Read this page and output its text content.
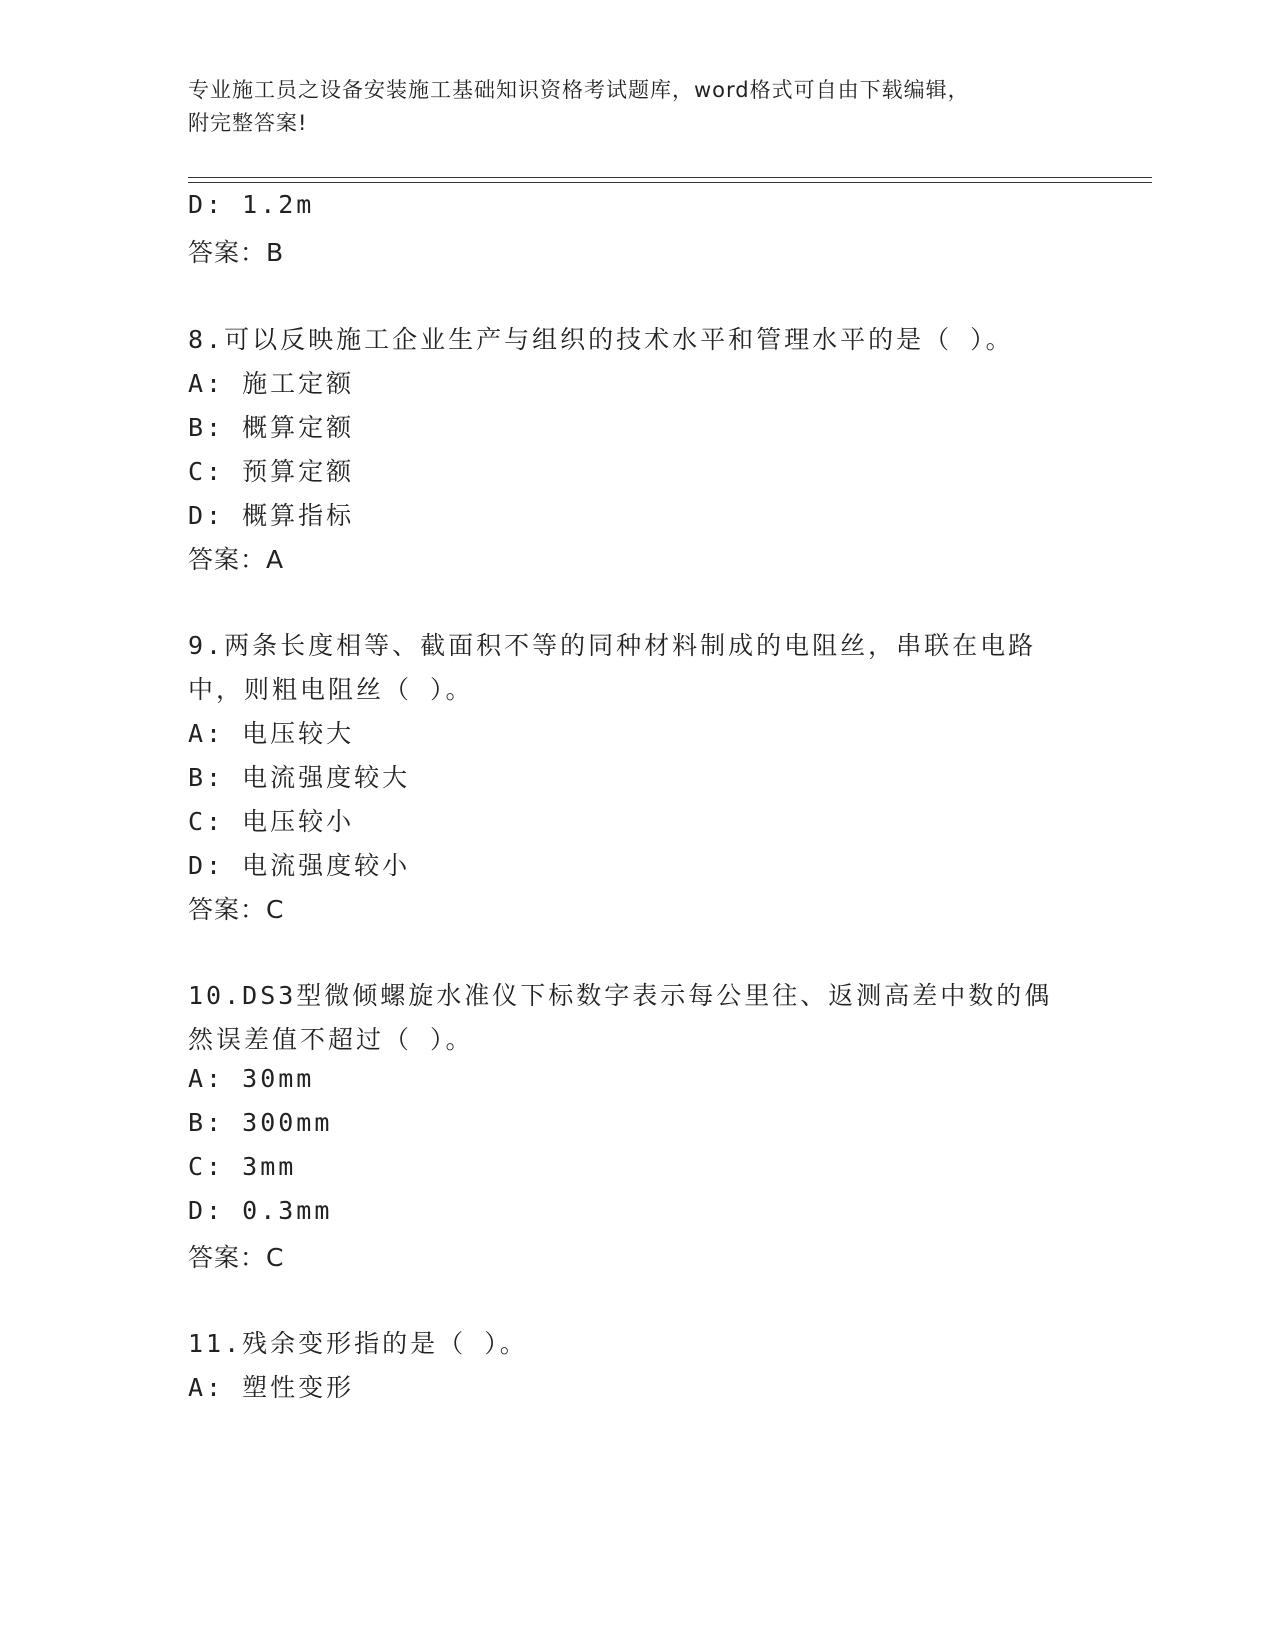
专业施工员之设备安装施工基础知识资格考试题库，word格式可自由下载编辑，
附完整答案!
D: 1.2m
答案：B
8.可以反映施工企业生产与组织的技术水平和管理水平的是（ ）。
A: 施工定额
B: 概算定额
C: 预算定额
D: 概算指标
答案：A
9.两条长度相等、截面积不等的同种材料制成的电阻丝，串联在电路
中，则粗电阻丝（ ）。
A: 电压较大
B: 电流强度较大
C: 电压较小
D: 电流强度较小
答案：C
10.DS3型微倾螺旋水准仪下标数字表示每公里往、返测高差中数的偶
然误差值不超过（ ）。
A: 30mm
B: 300mm
C: 3mm
D: 0.3mm
答案：C
11.残余变形指的是（ ）。
A: 塑性变形
